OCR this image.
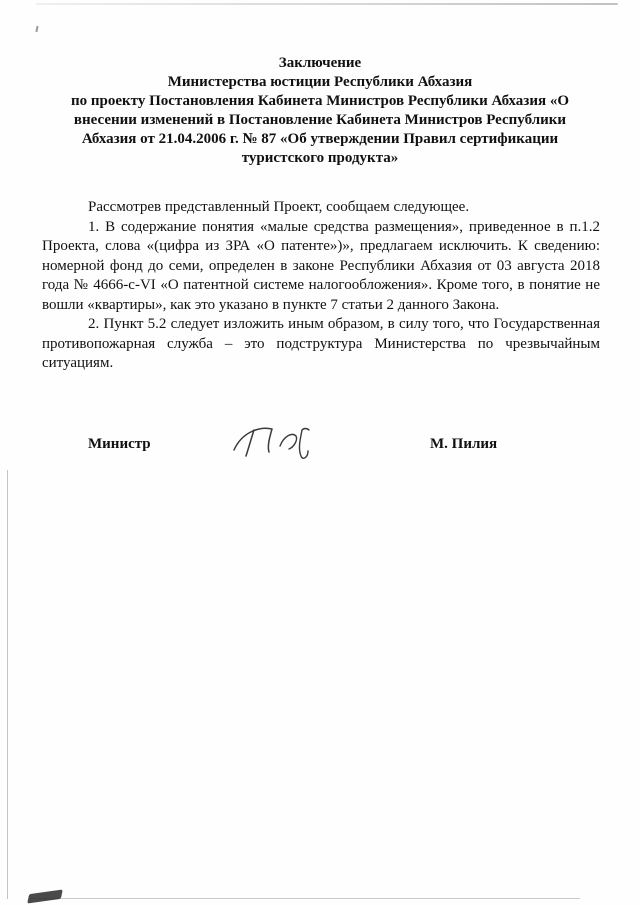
Заключение
Министерства юстиции Республики Абхазия
по проекту Постановления Кабинета Министров Республики Абхазия «О
внесении изменений в Постановление Кабинета Министров Республики
Абхазия от 21.04.2006 г. № 87 «Об утверждении Правил сертификации
туристского продукта»

Рассмотрев представленный Проект, сообщаем следующее.

1. В содержание понятия «малые средства размещения», приведенное в п.1.2 Проекта, слова «(цифра из ЗРА «О патенте»)», предлагаем исключить. К сведению: номерной фонд до семи, определен в законе Республики Абхазия от 03 августа 2018 года № 4666-с-VI «О патентной системе налогообложения». Кроме того, в понятие не вошли «квартиры», как это указано в пункте 7 статьи 2 данного Закона.

2. Пункт 5.2 следует изложить иным образом, в силу того, что Государственная противопожарная служба – это подструктура Министерства по чрезвычайным ситуациям.

Министр	М. Пилия
